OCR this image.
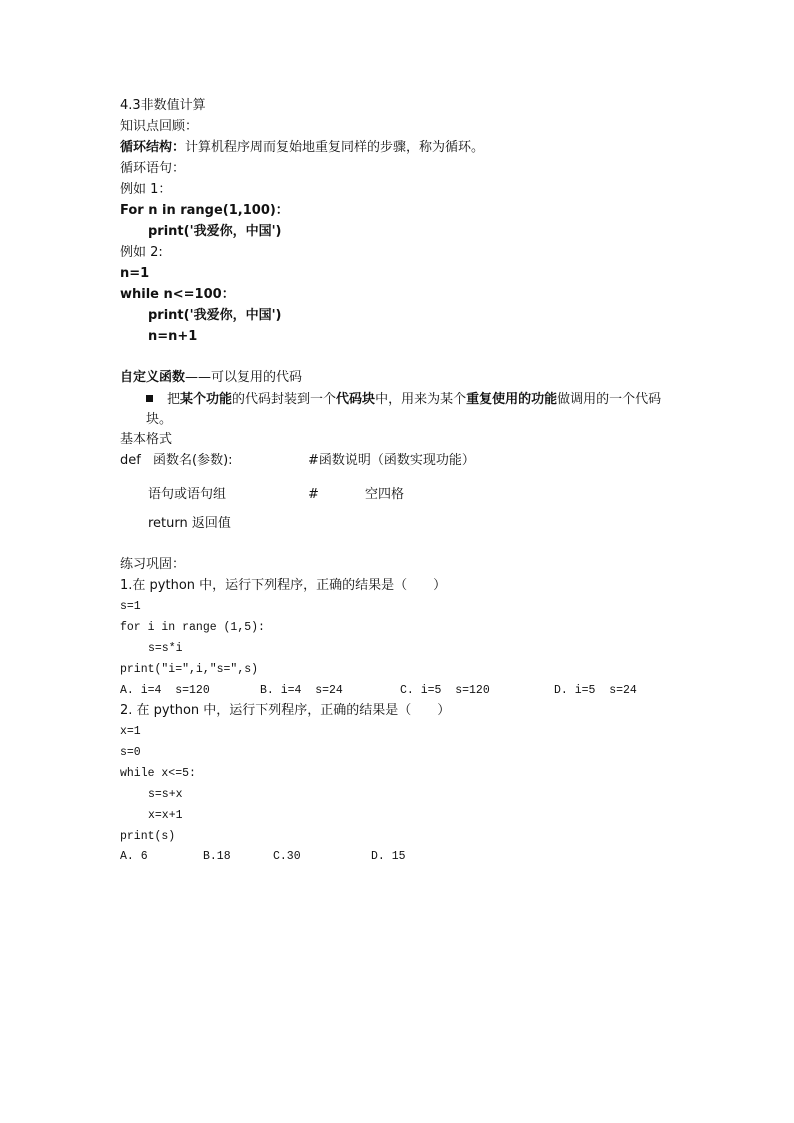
4.3非数值计算
知识点回顾：
循环结构：计算机程序周而复始地重复同样的步骤，称为循环。
循环语句：
例如 1：
For n in range(1,100)：
print('我爱你，中国')
例如 2:
n=1
while n<=100：
print('我爱你，中国')
n=n+1
自定义函数——可以复用的代码
把某个功能的代码封装到一个代码块中，用来为某个重复使用的功能做调用的一个代码块。
基本格式
def 函数名(参数):	#函数说明（函数实现功能）
语句或语句组	#	空四格
return 返回值
练习巩固：
1.在 python 中，运行下列程序，正确的结果是（　　）
s=1
for i in range (1,5):
s=s*i
print("i=",i,"s=",s)
A. i=4  s=120	B. i=4  s=24	C. i=5  s=120	D. i=5  s=24
2. 在 python 中，运行下列程序，正确的结果是（　　）
x=1
s=0
while x<=5:
s=s+x
x=x+1
print(s)
A. 6	B.18	C.30	D. 15
